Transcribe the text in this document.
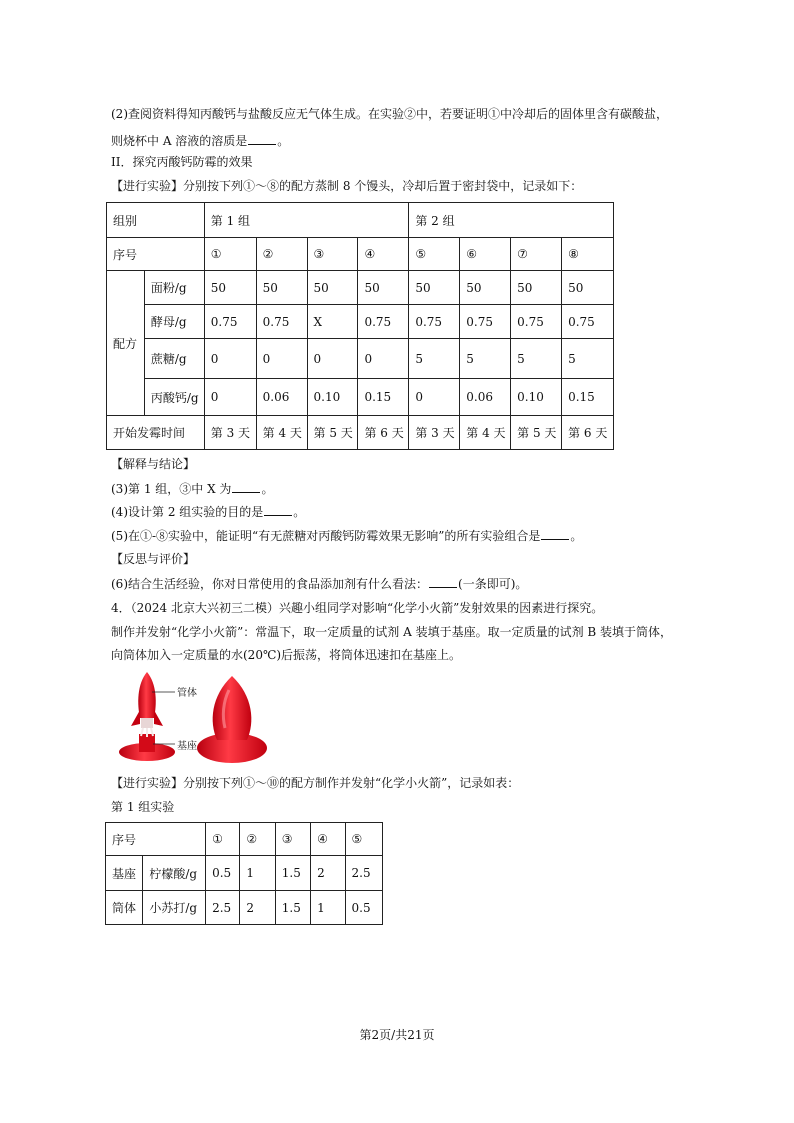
(2)查阅资料得知丙酸钙与盐酸反应无气体生成。在实验②中，若要证明①中冷却后的固体里含有碳酸盐，
则烧杯中 A 溶液的溶质是	。
II．探究丙酸钙防霉的效果
【进行实验】分别按下列①～⑧的配方蒸制 8 个馒头，冷却后置于密封袋中，记录如下：
组别		第 1 组				第 2 组			
序号		①	②	③	④	⑤	⑥	⑦	⑧
配方	面粉/g	50	50	50	50	50	50	50	50
	酵母/g	0.75	0.75	X	0.75	0.75	0.75	0.75	0.75
	蔗糖/g	0	0	0	0	5	5	5	5
	丙酸钙/g	0	0.06	0.10	0.15	0	0.06	0.10	0.15
开始发霉时间		第 3 天	第 4 天	第 5 天	第 6 天	第 3 天	第 4 天	第 5 天	第 6 天
【解释与结论】
(3)第 1 组，③中 X 为	。
(4)设计第 2 组实验的目的是	。
(5)在①-⑧实验中，能证明“有无蔗糖对丙酸钙防霉效果无影响”的所有实验组合是	。
【反思与评价】
(6)结合生活经验，你对日常使用的食品添加剂有什么看法：	(一条即可)。
4．（2024 北京大兴初三二模）兴趣小组同学对影响“化学小火箭”发射效果的因素进行探究。
制作并发射“化学小火箭”：常温下，取一定质量的试剂 A 装填于基座。取一定质量的试剂 B 装填于筒体，
向筒体加入一定质量的水(20℃)后振荡，将筒体迅速扣在基座上。
管体
基座
【进行实验】分别按下列①～⑩的配方制作并发射“化学小火箭”，记录如表：
第 1 组实验
序号		①	②	③	④	⑤
基座	柠檬酸/g	0.5	1	1.5	2	2.5
筒体	小苏打/g	2.5	2	1.5	1	0.5
第2页/共21页
